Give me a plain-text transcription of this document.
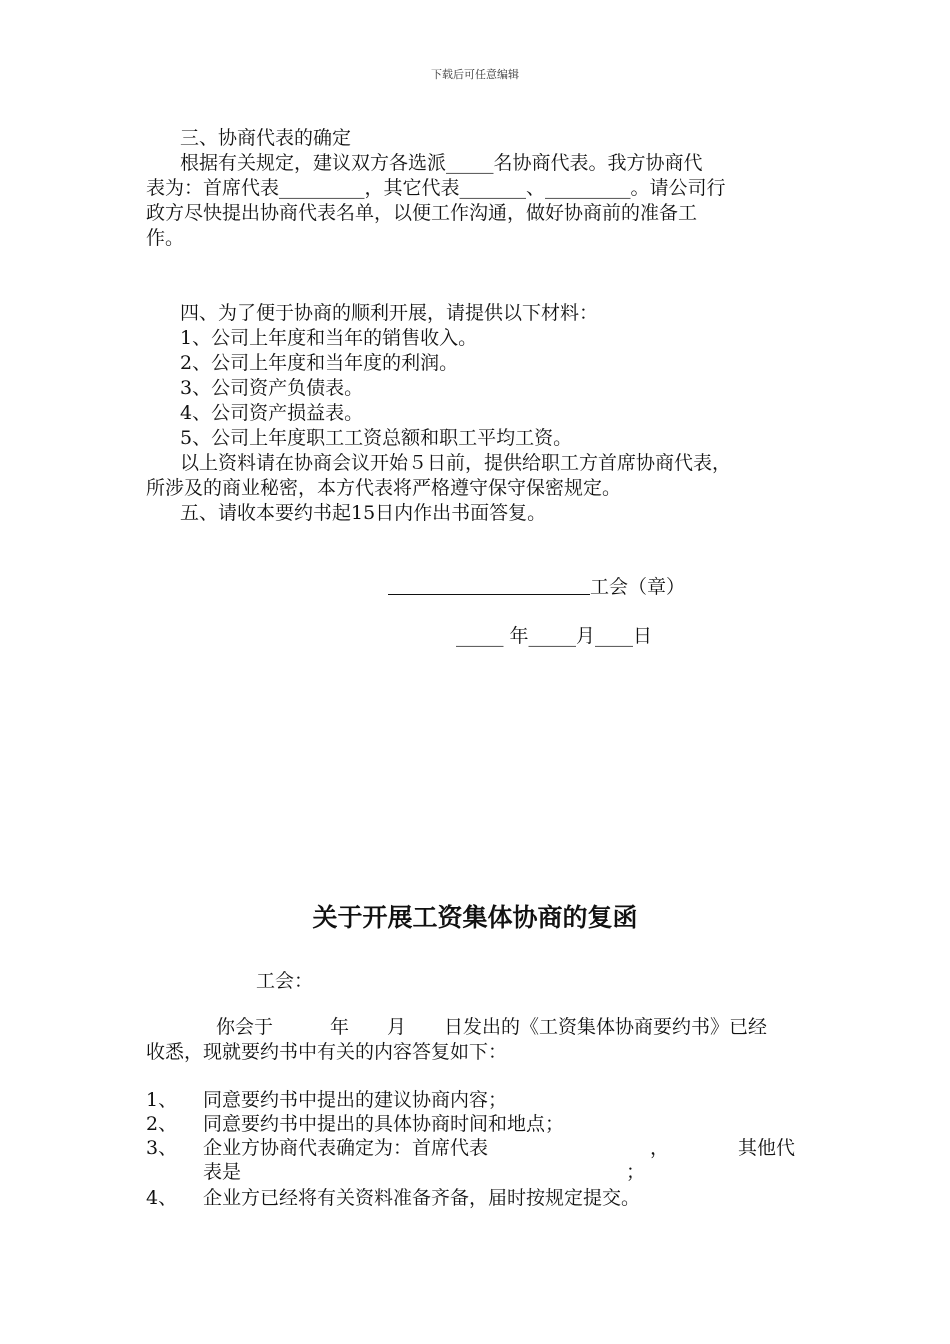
下载后可任意编辑
三、协商代表的确定
根据有关规定，建议双方各选派_____名协商代表。我方协商代
表为：首席代表_________，其它代表_______、_________。请公司行
政方尽快提出协商代表名单，以便工作沟通，做好协商前的准备工
作。
四、为了便于协商的顺利开展，请提供以下材料：
1、公司上年度和当年的销售收入。
2、公司上年度和当年度的利润。
3、公司资产负债表。
4、公司资产损益表。
5、公司上年度职工工资总额和职工平均工资。
以上资料请在协商会议开始５日前，提供给职工方首席协商代表，
所涉及的商业秘密，本方代表将严格遵守保守保密规定。
五、请收本要约书起15日内作出书面答复。
工会（章）
_____ 年_____月____日
关于开展工资集体协商的复函
工会：
你会于　　　年　　月　　日发出的《工资集体协商要约书》已经
收悉，现就要约书中有关的内容答复如下：
1、 同意要约书中提出的建议协商内容；
2、 同意要约书中提出的具体协商时间和地点；
3、 企业方协商代表确定为：首席代表	，	其他代
表是	；
4、 企业方已经将有关资料准备齐备，届时按规定提交。
